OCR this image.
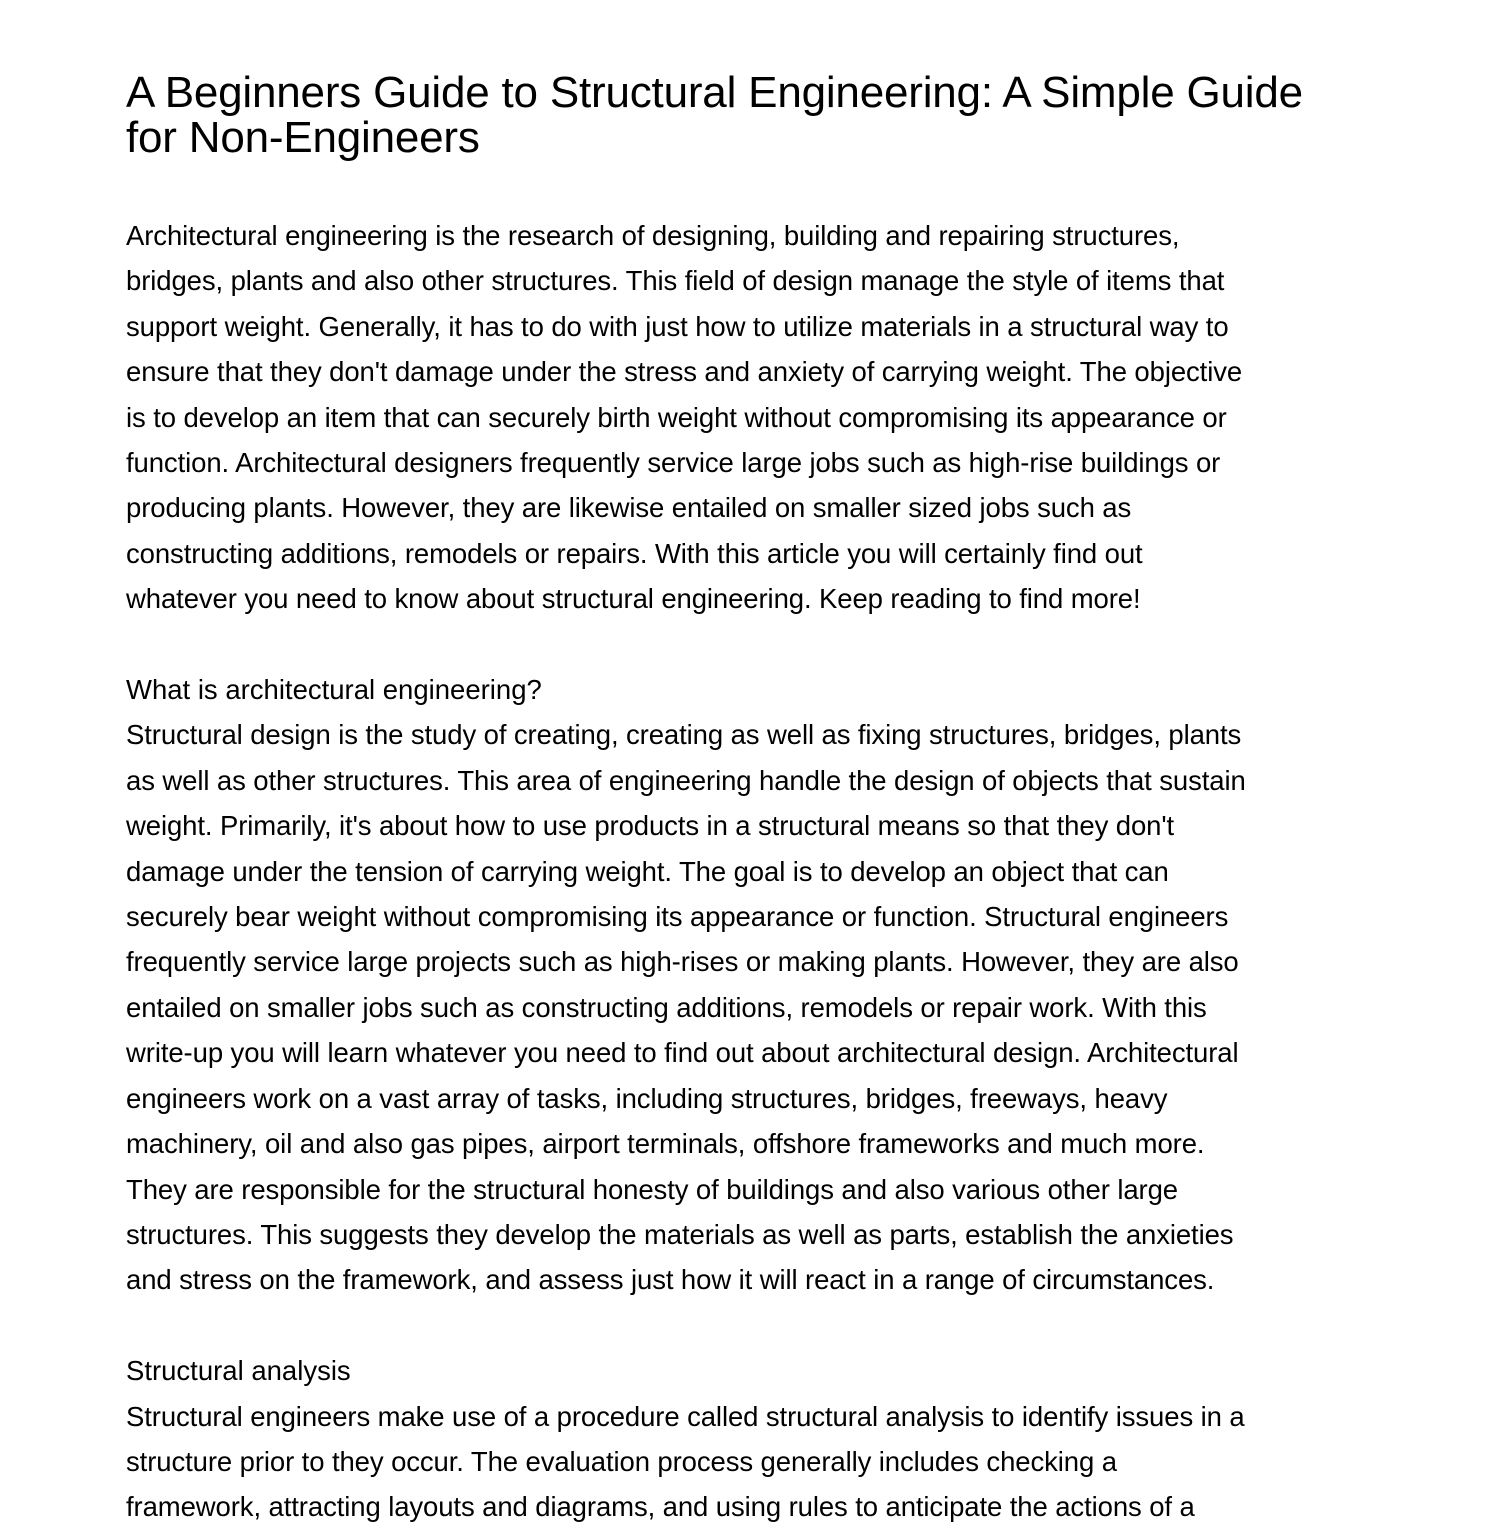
A Beginners Guide to Structural Engineering: A Simple Guide
for Non-Engineers

Architectural engineering is the research of designing, building and repairing structures,
bridges, plants and also other structures. This field of design manage the style of items that
support weight. Generally, it has to do with just how to utilize materials in a structural way to
ensure that they don't damage under the stress and anxiety of carrying weight. The objective
is to develop an item that can securely birth weight without compromising its appearance or
function. Architectural designers frequently service large jobs such as high-rise buildings or
producing plants. However, they are likewise entailed on smaller sized jobs such as
constructing additions, remodels or repairs. With this article you will certainly find out
whatever you need to know about structural engineering. Keep reading to find more!

What is architectural engineering?

Structural design is the study of creating, creating as well as fixing structures, bridges, plants
as well as other structures. This area of engineering handle the design of objects that sustain
weight. Primarily, it's about how to use products in a structural means so that they don't
damage under the tension of carrying weight. The goal is to develop an object that can
securely bear weight without compromising its appearance or function. Structural engineers
frequently service large projects such as high-rises or making plants. However, they are also
entailed on smaller jobs such as constructing additions, remodels or repair work. With this
write-up you will learn whatever you need to find out about architectural design. Architectural
engineers work on a vast array of tasks, including structures, bridges, freeways, heavy
machinery, oil and also gas pipes, airport terminals, offshore frameworks and much more.
They are responsible for the structural honesty of buildings and also various other large
structures. This suggests they develop the materials as well as parts, establish the anxieties
and stress on the framework, and assess just how it will react in a range of circumstances.

Structural analysis

Structural engineers make use of a procedure called structural analysis to identify issues in a
structure prior to they occur. The evaluation process generally includes checking a
framework, attracting layouts and diagrams, and using rules to anticipate the actions of a
